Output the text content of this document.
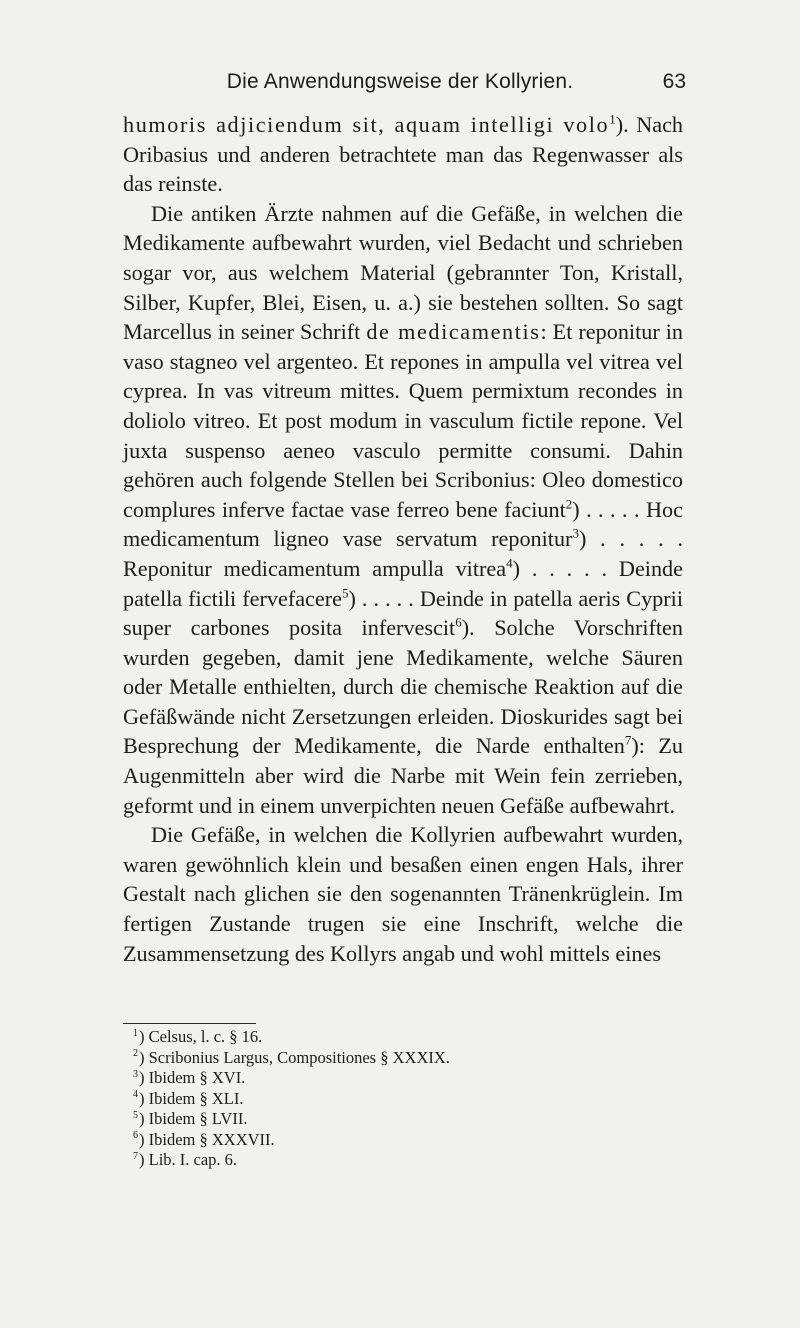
Die Anwendungsweise der Kollyrien.	63

humoris adjiciendum sit, aquam intelligi volo$^1$). Nach Oribasius und anderen betrachtete man das Regenwasser als das reinste.

Die antiken Ärzte nahmen auf die Gefäße, in welchen die Medikamente aufbewahrt wurden, viel Bedacht und schrieben sogar vor, aus welchem Material (gebrannter Ton, Kristall, Silber, Kupfer, Blei, Eisen, u. a.) sie bestehen sollten. So sagt Marcellus in seiner Schrift de medicamentis: Et reponitur in vaso stagneo vel argenteo. Et repones in ampulla vel vitrea vel cyprea. In vas vitreum mittes. Quem permixtum recondes in doliolo vitreo. Et post modum in vasculum fictile repone. Vel juxta suspenso aeneo vasculo permitte consumi. Dahin gehören auch folgende Stellen bei Scribonius: Oleo domestico complures inferve factae vase ferreo bene faciunt$^2$) . . . . . Hoc medicamentum ligneo vase servatum reponitur$^3$) . . . . . Reponitur medicamentum ampulla vitrea$^4$) . . . . . Deinde patella fictili fervefacere$^5$) . . . . . Deinde in patella aeris Cyprii super carbones posita infervescit$^6$). Solche Vorschriften wurden gegeben, damit jene Medikamente, welche Säuren oder Metalle enthielten, durch die chemische Reaktion auf die Gefäßwände nicht Zersetzungen erleiden. Dioskurides sagt bei Besprechung der Medikamente, die Narde enthalten$^7$): Zu Augenmitteln aber wird die Narbe mit Wein fein zerrieben, geformt und in einem unverpichten neuen Gefäße aufbewahrt.

Die Gefäße, in welchen die Kollyrien aufbewahrt wurden, waren gewöhnlich klein und besaßen einen engen Hals, ihrer Gestalt nach glichen sie den sogenannten Tränenkrüglein. Im fertigen Zustande trugen sie eine Inschrift, welche die Zusammensetzung des Kollyrs angab und wohl mittels eines

$^1$) Celsus, l. c. § 16.

$^2$) Scribonius Largus, Compositiones § XXXIX.

$^3$) Ibidem § XVI.

$^4$) Ibidem § XLI.

$^5$) Ibidem § LVII.

$^6$) Ibidem § XXXVII.

$^7$) Lib. I. cap. 6.
